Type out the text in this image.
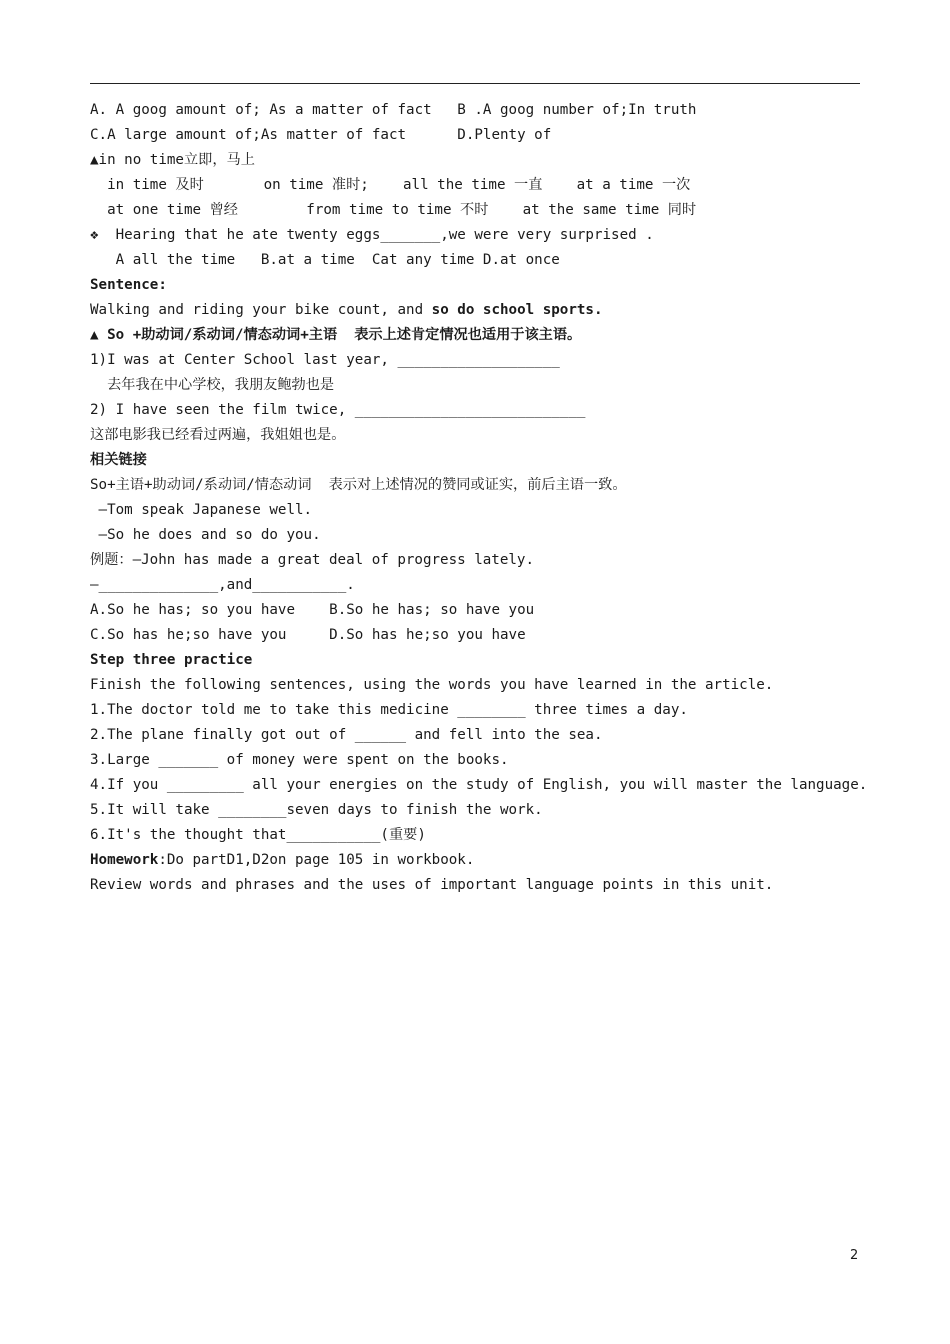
A. A goog amount of; As a matter of fact   B .A goog number of;In truth
C.A large amount of;As matter of fact      D.Plenty of
▲in no time立即，马上
in time 及时       on time 准时;    all the time 一直    at a time 一次
at one time 曾经        from time to time 不时    at the same time 同时
❖  Hearing that he ate twenty eggs_______,we were very surprised .
A all the time   B.at a time  Cat any time D.at once
Sentence:
Walking and riding your bike count, and so do school sports.
▲ So +助动词/系动词/情态动词+主语  表示上述肯定情况也适用于该主语。
1)I was at Center School last year, ___________________
去年我在中心学校，我朋友鲍勃也是
2) I have seen the film twice, ___________________________
这部电影我已经看过两遍，我姐姐也是。
相关链接
So+主语+助动词/系动词/情态动词  表示对上述情况的赞同或证实，前后主语一致。
—Tom speak Japanese well.
—So he does and so do you.
例题：—John has made a great deal of progress lately.
—______________,and___________.
A.So he has; so you have    B.So he has; so have you
C.So has he;so have you     D.So has he;so you have
Step three practice
Finish the following sentences, using the words you have learned in the article.
1.The doctor told me to take this medicine ________ three times a day.
2.The plane finally got out of ______ and fell into the sea.
3.Large _______ of money were spent on the books.
4.If you _________ all your energies on the study of English, you will master the language.
5.It will take ________seven days to finish the work.
6.It's the thought that___________(重要)
Homework:Do partD1,D2on page 105 in workbook.
Review words and phrases and the uses of important language points in this unit.
2
